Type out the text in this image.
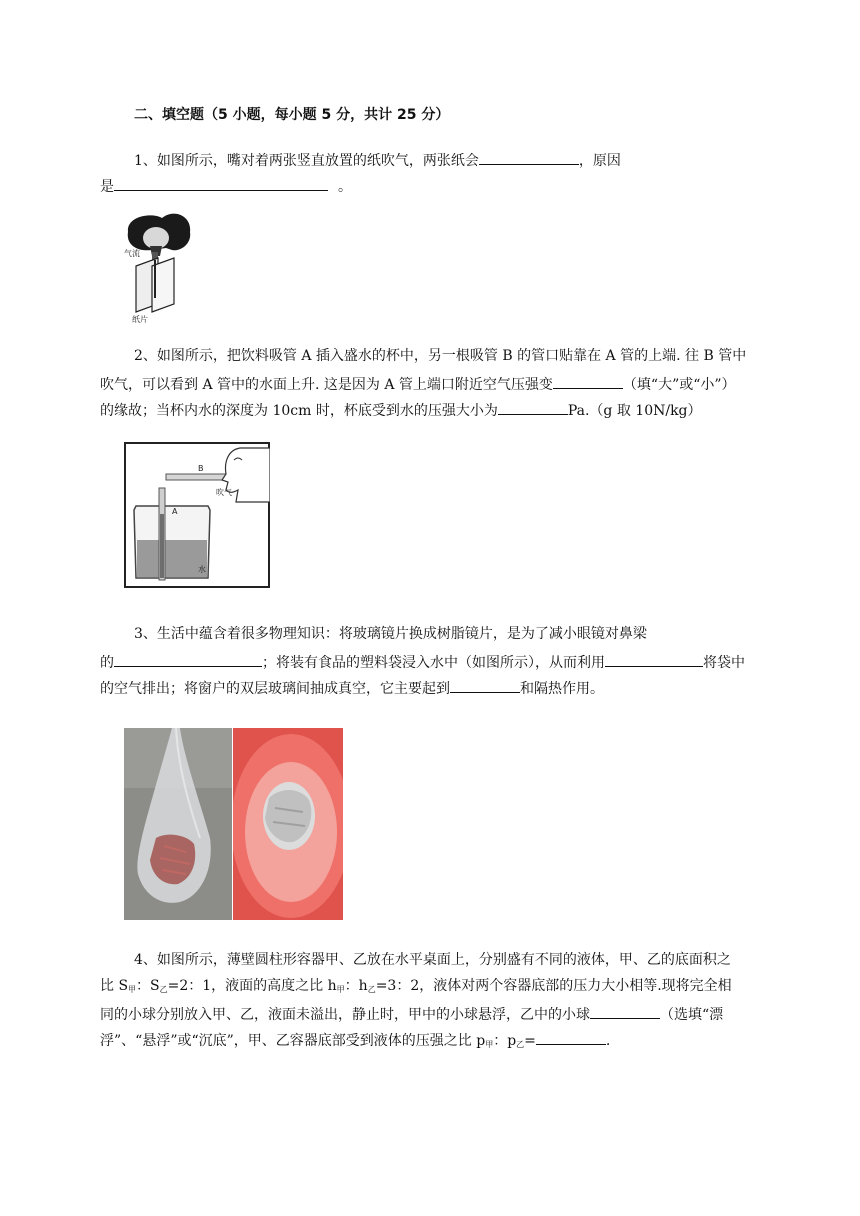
二、填空题（5 小题，每小题 5 分，共计 25 分）
1、如图所示，嘴对着两张竖直放置的纸吹气，两张纸会	，原因
是	。
气流
纸片
2、如图所示，把饮料吸管 A 插入盛水的杯中，另一根吸管 B 的管口贴靠在 A 管的上端. 往 B 管中
吹气，可以看到 A 管中的水面上升. 这是因为 A 管上端口附近空气压强变	（填“大”或“小”）
的缘故；当杯内水的深度为 10cm 时，杯底受到水的压强大小为	Pa.（g 取 10N/kg）
B
A
吹气
水
3、生活中蕴含着很多物理知识：将玻璃镜片换成树脂镜片，是为了减小眼镜对鼻梁
的	；将装有食品的塑料袋浸入水中（如图所示），从而利用	将袋中
的空气排出；将窗户的双层玻璃间抽成真空，它主要起到	和隔热作用。
4、如图所示，薄壁圆柱形容器甲、乙放在水平桌面上，分别盛有不同的液体，甲、乙的底面积之
比 $S_甲$：$S_乙=2$：1，液面的高度之比 $h_甲$：$h_乙=3$：2，液体对两个容器底部的压力大小相等.现将完全相
同的小球分别放入甲、乙，液面未溢出，静止时，甲中的小球悬浮，乙中的小球	（选填“漂
浮”、“悬浮”或“沉底”，甲、乙容器底部受到液体的压强之比 $p_甲$：$p_乙=$	.
